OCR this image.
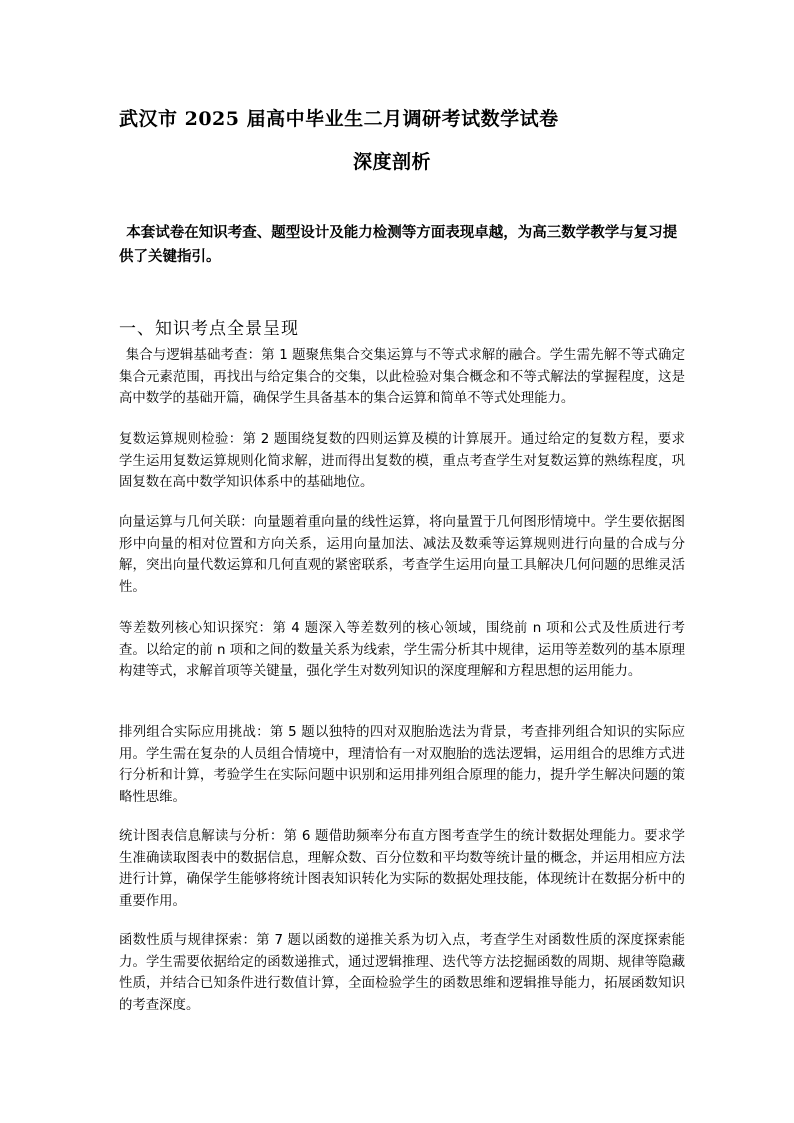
武汉市 2025 届高中毕业生二月调研考试数学试卷
深度剖析
本套试卷在知识考查、题型设计及能力检测等方面表现卓越，为高三数学教学与复习提供了关键指引。
一、知识考点全景呈现
集合与逻辑基础考查：第 1 题聚焦集合交集运算与不等式求解的融合。学生需先解不等式确定集合元素范围，再找出与给定集合的交集，以此检验对集合概念和不等式解法的掌握程度，这是高中数学的基础开篇，确保学生具备基本的集合运算和简单不等式处理能力。
复数运算规则检验：第 2 题围绕复数的四则运算及模的计算展开。通过给定的复数方程，要求学生运用复数运算规则化简求解，进而得出复数的模，重点考查学生对复数运算的熟练程度，巩固复数在高中数学知识体系中的基础地位。
向量运算与几何关联：向量题着重向量的线性运算，将向量置于几何图形情境中。学生要依据图形中向量的相对位置和方向关系，运用向量加法、减法及数乘等运算规则进行向量的合成与分解，突出向量代数运算和几何直观的紧密联系，考查学生运用向量工具解决几何问题的思维灵活性。
等差数列核心知识探究：第 4 题深入等差数列的核心领域，围绕前 n 项和公式及性质进行考查。以给定的前 n 项和之间的数量关系为线索，学生需分析其中规律，运用等差数列的基本原理构建等式，求解首项等关键量，强化学生对数列知识的深度理解和方程思想的运用能力。
排列组合实际应用挑战：第 5 题以独特的四对双胞胎选法为背景，考查排列组合知识的实际应用。学生需在复杂的人员组合情境中，理清恰有一对双胞胎的选法逻辑，运用组合的思维方式进行分析和计算，考验学生在实际问题中识别和运用排列组合原理的能力，提升学生解决问题的策略性思维。
统计图表信息解读与分析：第 6 题借助频率分布直方图考查学生的统计数据处理能力。要求学生准确读取图表中的数据信息，理解众数、百分位数和平均数等统计量的概念，并运用相应方法进行计算，确保学生能够将统计图表知识转化为实际的数据处理技能，体现统计在数据分析中的重要作用。
函数性质与规律探索：第 7 题以函数的递推关系为切入点，考查学生对函数性质的深度探索能力。学生需要依据给定的函数递推式，通过逻辑推理、迭代等方法挖掘函数的周期、规律等隐藏性质，并结合已知条件进行数值计算，全面检验学生的函数思维和逻辑推导能力，拓展函数知识的考查深度。
